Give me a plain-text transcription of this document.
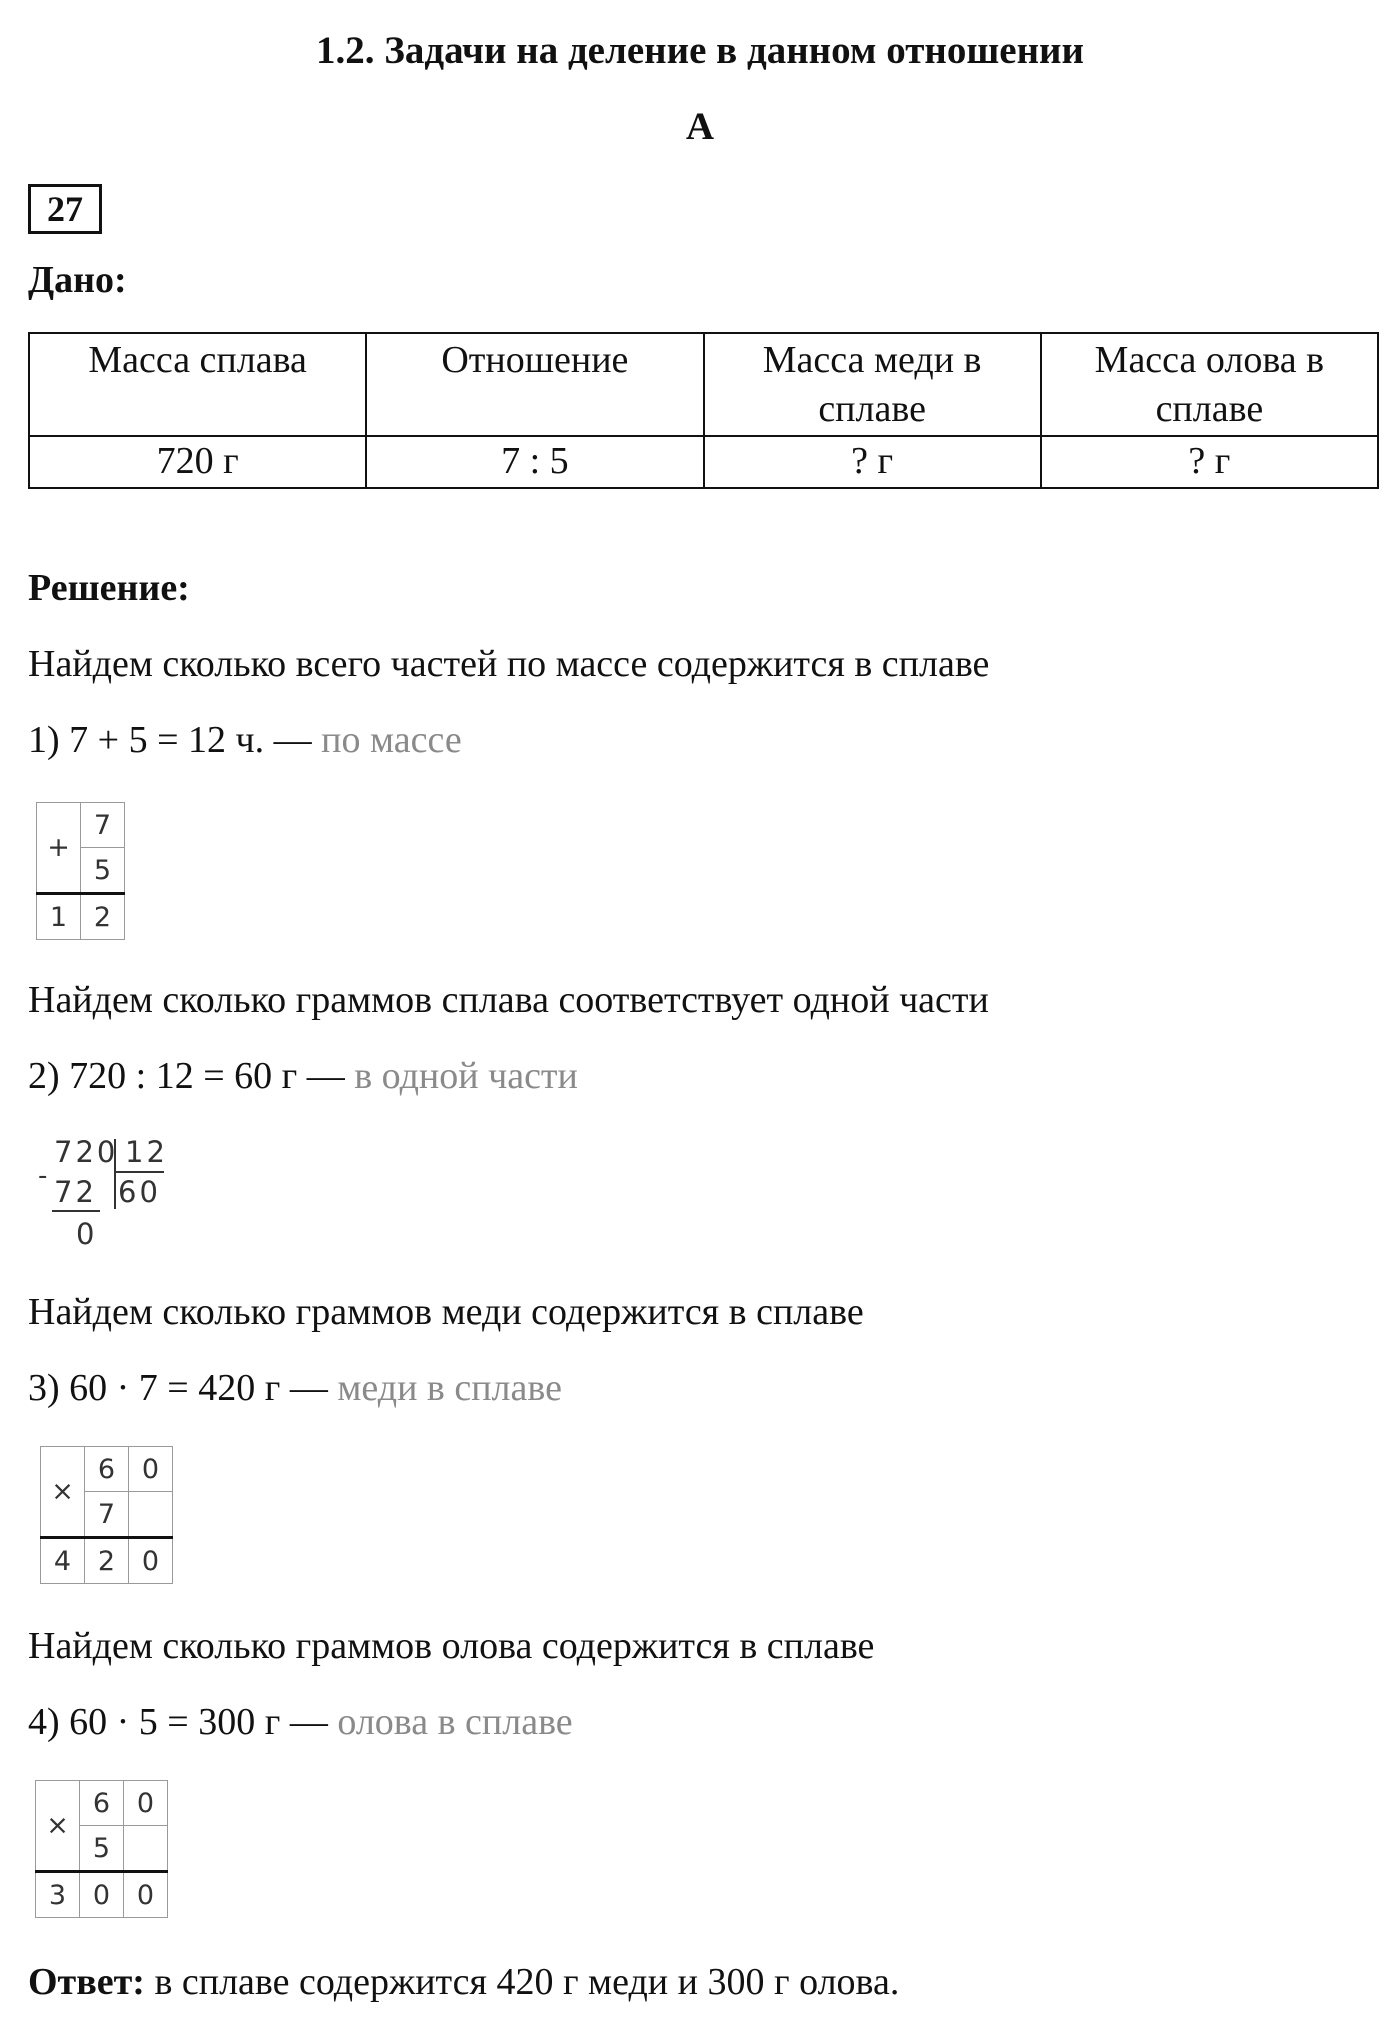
1.2. Задачи на деление в данном отношении
А
27
Дано:
Масса сплава	Отношение	Масса меди в сплаве	Масса олова в сплаве
720 г	7 : 5	? г	? г
Решение:
Найдем сколько всего частей по массе содержится в сплаве
1) 7 + 5 = 12 ч. — по массе
+	7
	5
1	2
Найдем сколько граммов сплава соответствует одной части
2) 720 : 12 = 60 г — в одной части
720 12
- 72 60
0
Найдем сколько граммов меди содержится в сплаве
3) 60 · 7 = 420 г — меди в сплаве
×	6	0
	7	
4	2	0
Найдем сколько граммов олова содержится в сплаве
4) 60 · 5 = 300 г — олова в сплаве
×	6	0
	5	
3	0	0
Ответ: в сплаве содержится 420 г меди и 300 г олова.
